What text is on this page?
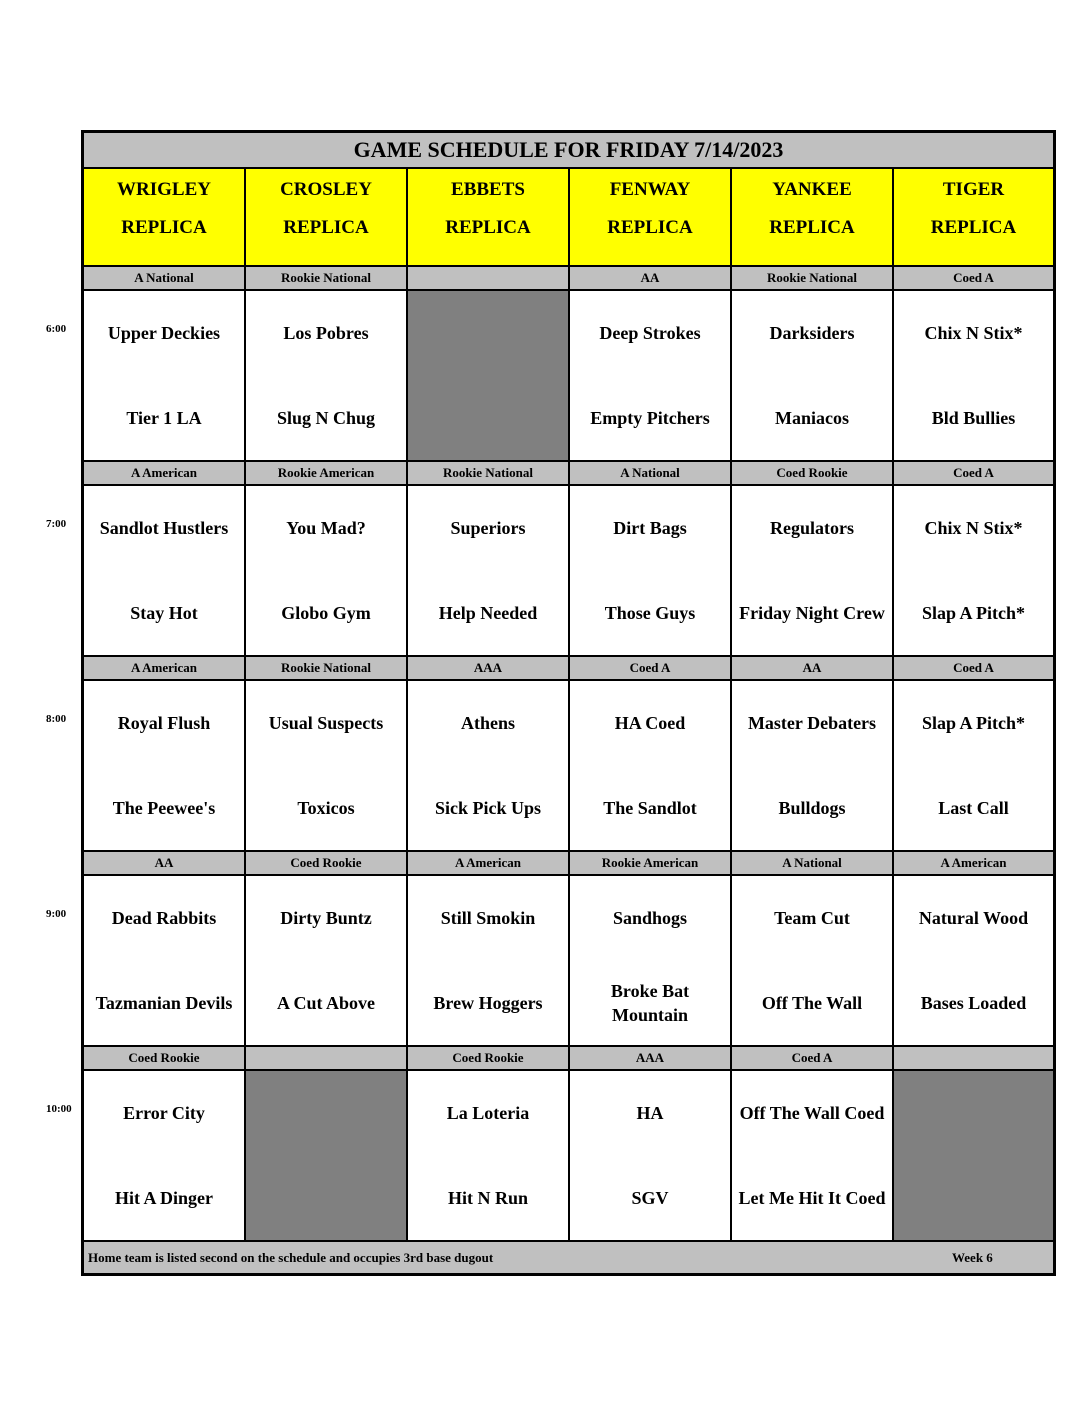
GAME SCHEDULE FOR FRIDAY 7/14/2023
WRIGLEY
REPLICA
CROSLEY
REPLICA
EBBETS
REPLICA
FENWAY
REPLICA
YANKEE
REPLICA
TIGER
REPLICA
A National
Upper Deckies
Tier 1 LA
Rookie National
Los Pobres
Slug N Chug
AA
Deep Strokes
Empty Pitchers
Rookie National
Darksiders
Maniacos
Coed A
Chix N Stix*
Bld Bullies
A American
Sandlot Hustlers
Stay Hot
Rookie American
You Mad?
Globo Gym
Rookie National
Superiors
Help Needed
A National
Dirt Bags
Those Guys
Coed Rookie
Regulators
Friday Night Crew
Coed A
Chix N Stix*
Slap A Pitch*
A American
Royal Flush
The Peewee's
Rookie National
Usual Suspects
Toxicos
AAA
Athens
Sick Pick Ups
Coed A
HA Coed
The Sandlot
AA
Master Debaters
Bulldogs
Coed A
Slap A Pitch*
Last Call
AA
Dead Rabbits
Tazmanian Devils
Coed Rookie
Dirty Buntz
A Cut Above
A American
Still Smokin
Brew Hoggers
Rookie American
Sandhogs
Broke Bat Mountain
A National
Team Cut
Off The Wall
A American
Natural Wood
Bases Loaded
Coed Rookie
Error City
Hit A Dinger
Coed Rookie
La Loteria
Hit N Run
AAA
HA
SGV
Coed A
Off The Wall Coed
Let Me Hit It Coed
Home team is listed second on the schedule and occupies 3rd base dugout	Week 6
6:00
7:00
8:00
9:00
10:00
